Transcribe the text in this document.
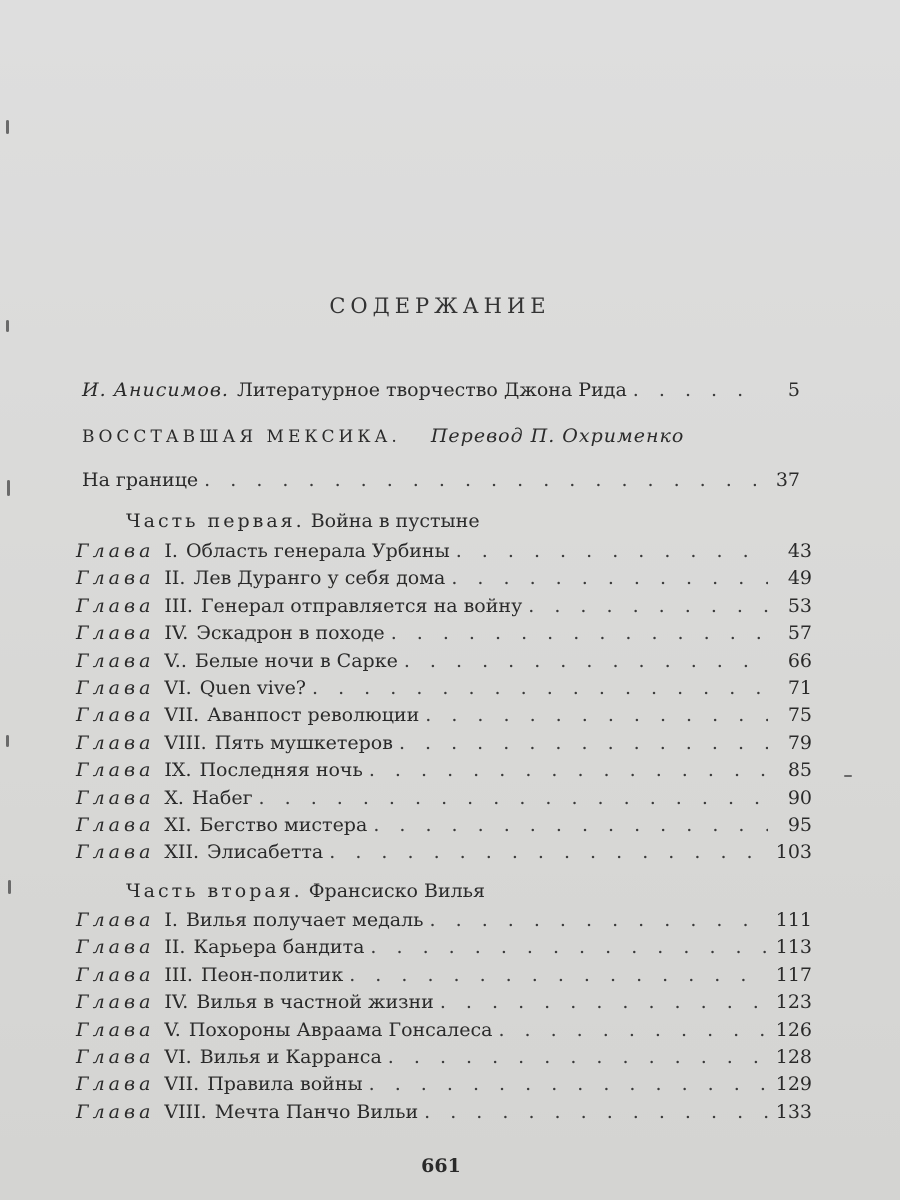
СОДЕРЖАНИЕ
И. Анисимов. Литературное творчество Джона Рида . . .	5
ВОССТАВШАЯ МЕКСИКА. Перевод П. Охрименко
На границе . . .	37
Часть первая. Война в пустыне
Глава I. Область генерала Урбины . . .	43
Глава II. Лев Дуранго у себя дома . . .	49
Глава III. Генерал отправляется на войну . . .	53
Глава IV. Эскадрон в походе . . .	57
Глава V.. Белые ночи в Сарке . . .	66
Глава VI. Quen vive? . . .	71
Глава VII. Аванпост революции . . .	75
Глава VIII. Пять мушкетеров . . .	79
Глава IX. Последняя ночь . . .	85
Глава X. Набег . . .	90
Глава XI. Бегство мистера . . .	95
Глава XII. Элисабетта . . .	103
Часть вторая. Франсиско Вилья
Глава I. Вилья получает медаль . . .	111
Глава II. Карьера бандита . . .	113
Глава III. Пеон-политик . . .	117
Глава IV. Вилья в частной жизни . . .	123
Глава V. Похороны Авраама Гонсалеса . . .	126
Глава VI. Вилья и Карранса . . .	128
Глава VII. Правила войны . . .	129
Глава VIII. Мечта Панчо Вильи . . .	133
661
